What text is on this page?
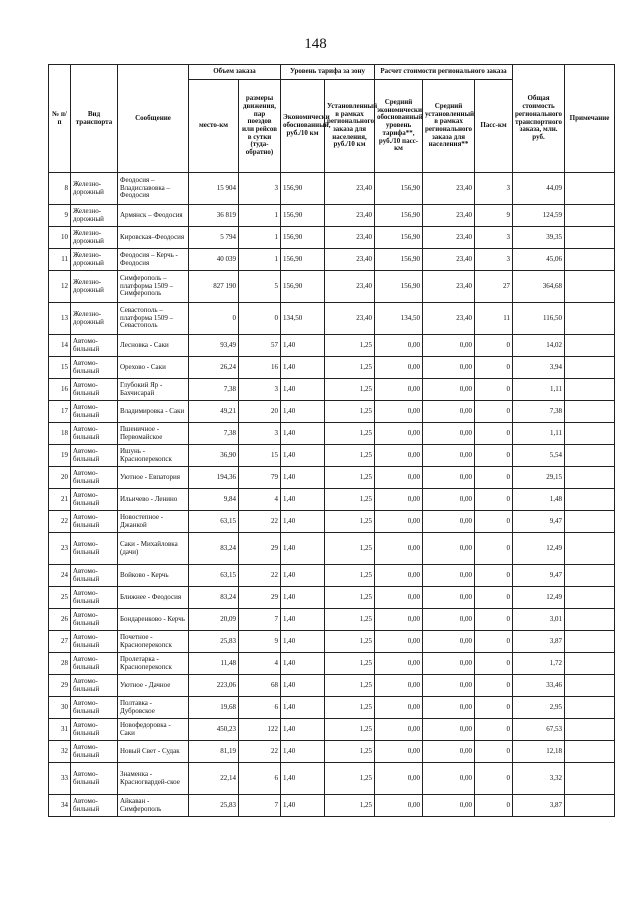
148
№ п/п	Вид транспорта	Сообщение	Объем заказа		Уровень тарифа за зону		Расчет стоимости регионального заказа			Общая стоимость регионального транспортного заказа, млн. руб.	Примечание
			место-км	размеры движения, пар поездов или рейсов в сутки (туда-обратно)	Экономически обоснованный, руб./10 км	Установленный в рамках регионального заказа для населения, руб./10 км	Средний экономически обоснованный уровень тарифа**, руб./10 пасс-км	Средний установленный в рамках регионального заказа для населения**	Пасс-км		
8	Железно-дорожный	Феодосия – Владиславовка – Феодосия	15 904	3	156,90	23,40	156,90	23,40	3	44,09	
9	Железно-дорожный	Армянск – Феодосия	36 819	1	156,90	23,40	156,90	23,40	9	124,59	
10	Железно-дорожный	Кировская–Феодосия	5 794	1	156,90	23,40	156,90	23,40	3	39,35	
11	Железно-дорожный	Феодосия – Керчь - Феодосия	40 039	1	156,90	23,40	156,90	23,40	3	45,06	
12	Железно-дорожный	Симферополь – платформа 1509 – Симферополь	827 190	5	156,90	23,40	156,90	23,40	27	364,68	
13	Железно-дорожный	Севастополь – платформа 1509 – Севастополь	0	0	134,50	23,40	134,50	23,40	11	116,50	
14	Автомо-бильный	Лесновка - Саки	93,49	57	1,40	1,25	0,00	0,00	0	14,02	
15	Автомо-бильный	Орехово - Саки	26,24	16	1,40	1,25	0,00	0,00	0	3,94	
16	Автомо-бильный	Глубокий Яр - Бахчисарай	7,38	3	1,40	1,25	0,00	0,00	0	1,11	
17	Автомо-бильный	Владимировка - Саки	49,21	20	1,40	1,25	0,00	0,00	0	7,38	
18	Автомо-бильный	Пшеничное - Первомайское	7,38	3	1,40	1,25	0,00	0,00	0	1,11	
19	Автомо-бильный	Ишунь - Красноперекопск	36,90	15	1,40	1,25	0,00	0,00	0	5,54	
20	Автомо-бильный	Уютное - Евпатория	194,36	79	1,40	1,25	0,00	0,00	0	29,15	
21	Автомо-бильный	Ильичево - Ленино	9,84	4	1,40	1,25	0,00	0,00	0	1,48	
22	Автомо-бильный	Новостепное - Джанкой	63,15	22	1,40	1,25	0,00	0,00	0	9,47	
23	Автомо-бильный	Саки - Михайловка (дачи)	83,24	29	1,40	1,25	0,00	0,00	0	12,49	
24	Автомо-бильный	Войково - Керчь	63,15	22	1,40	1,25	0,00	0,00	0	9,47	
25	Автомо-бильный	Ближнее - Феодосия	83,24	29	1,40	1,25	0,00	0,00	0	12,49	
26	Автомо-бильный	Бондаренково - Керчь	20,09	7	1,40	1,25	0,00	0,00	0	3,01	
27	Автомо-бильный	Почетное - Красноперекопск	25,83	9	1,40	1,25	0,00	0,00	0	3,87	
28	Автомо-бильный	Пролетарка - Красноперекопск	11,48	4	1,40	1,25	0,00	0,00	0	1,72	
29	Автомо-бильный	Уютное - Дачное	223,06	68	1,40	1,25	0,00	0,00	0	33,46	
30	Автомо-бильный	Полтавка - Дубровское	19,68	6	1,40	1,25	0,00	0,00	0	2,95	
31	Автомо-бильный	Новофедоровка - Саки	450,23	122	1,40	1,25	0,00	0,00	0	67,53	
32	Автомо-бильный	Новый Свет - Судак	81,19	22	1,40	1,25	0,00	0,00	0	12,18	
33	Автомо-бильный	Знаменка - Красногвардей-ское	22,14	6	1,40	1,25	0,00	0,00	0	3,32	
34	Автомо-бильный	Айкаван - Симферополь	25,83	7	1,40	1,25	0,00	0,00	0	3,87	
